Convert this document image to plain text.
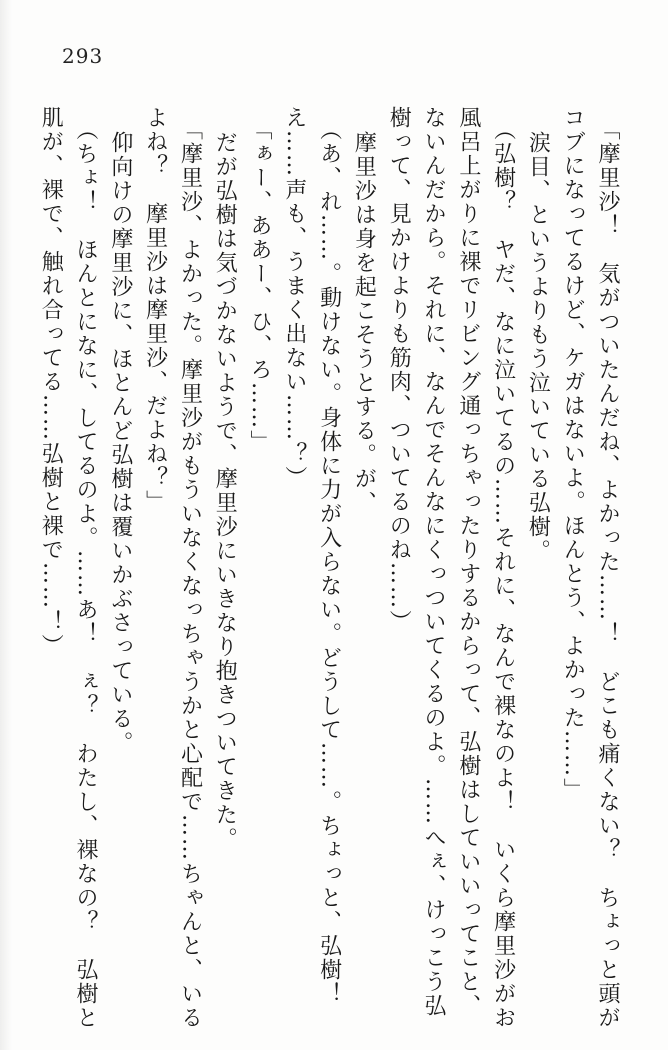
293
「摩里沙！　気がついたんだね、よかった……！　どこも痛くない？　ちょっと頭が
コブになってるけど、ケガはないよ。ほんとう、よかった……」
涙目、というよりもう泣いている弘樹。
（弘樹？　ヤだ、なに泣いてるの……それに、なんで裸なのよ！　いくら摩里沙がお
風呂上がりに裸でリビング通っちゃったりするからって、弘樹はしていいってこと、
ないんだから。それに、なんでそんなにくっついてくるのよ。……へぇ、けっこう弘
樹って、見かけよりも筋肉、ついてるのね……）
摩里沙は身を起こそうとする。が、
（あ、れ……。動けない。身体に力が入らない。どうして……。ちょっと、弘樹！
え……声も、うまく出ない……？）
「ぁー、ああー、ひ、ろ……」
だが弘樹は気づかないようで、摩里沙にいきなり抱きついてきた。
「摩里沙、よかった。摩里沙がもういなくなっちゃうかと心配で……ちゃんと、いる
よね？　摩里沙は摩里沙、だよね？」
仰向けの摩里沙に、ほとんど弘樹は覆いかぶさっている。
（ちょ！　ほんとになに、してるのよ。……あ！　ぇ？　わたし、裸なの？　弘樹と
肌が、裸で、触れ合ってる……弘樹と裸で……！）
